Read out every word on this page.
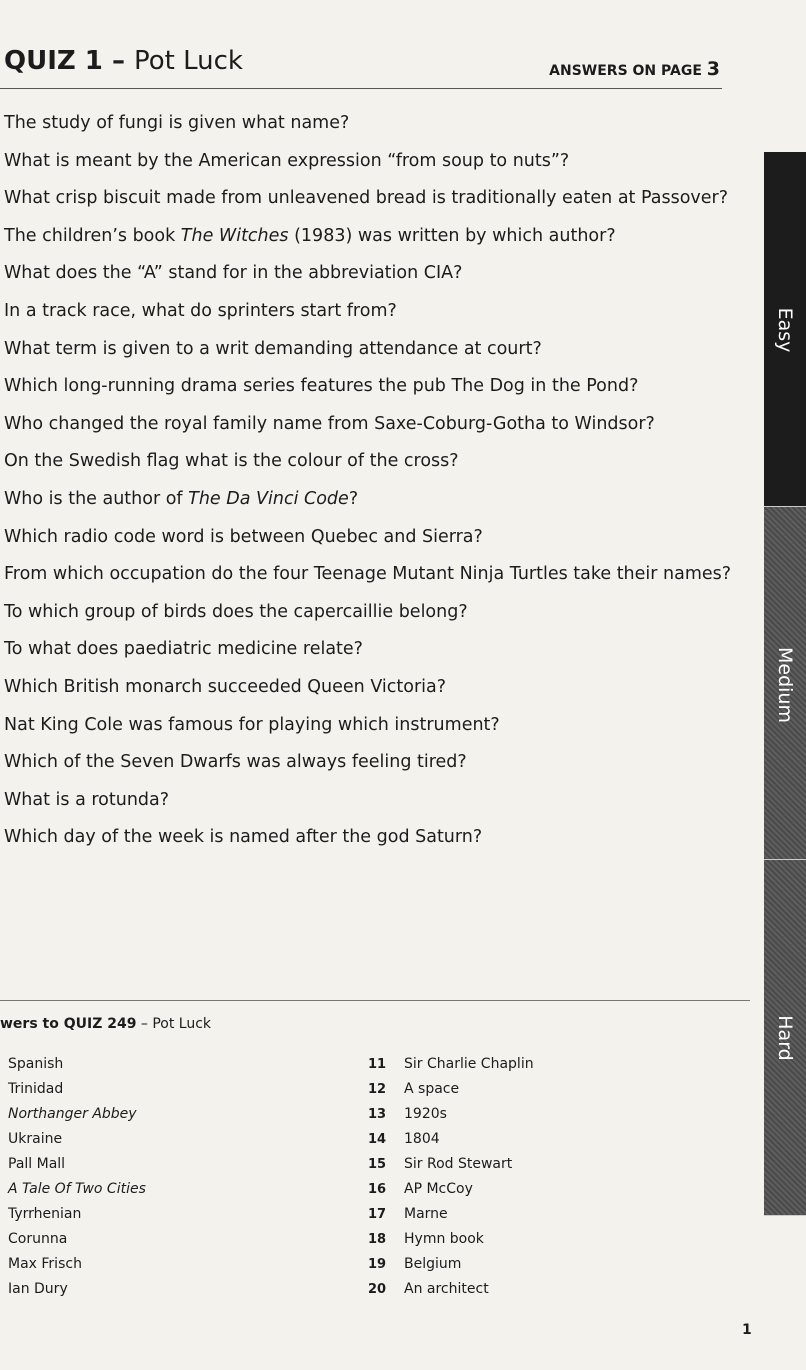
QUIZ 1 – Pot Luck	ANSWERS ON PAGE 3
The study of fungi is given what name?
What is meant by the American expression “from soup to nuts”?
What crisp biscuit made from unleavened bread is traditionally eaten at Passover?
The children’s book The Witches (1983) was written by which author?
What does the “A” stand for in the abbreviation CIA?
In a track race, what do sprinters start from?
What term is given to a writ demanding attendance at court?
Which long-running drama series features the pub The Dog in the Pond?
Who changed the royal family name from Saxe-Coburg-Gotha to Windsor?
On the Swedish flag what is the colour of the cross?
Who is the author of The Da Vinci Code?
Which radio code word is between Quebec and Sierra?
From which occupation do the four Teenage Mutant Ninja Turtles take their names?
To which group of birds does the capercaillie belong?
To what does paediatric medicine relate?
Which British monarch succeeded Queen Victoria?
Nat King Cole was famous for playing which instrument?
Which of the Seven Dwarfs was always feeling tired?
What is a rotunda?
Which day of the week is named after the god Saturn?
Easy
Medium
Hard
wers to QUIZ 249 – Pot Luck
Spanish
Trinidad
Northanger Abbey
Ukraine
Pall Mall
A Tale Of Two Cities
Tyrrhenian
Corunna
Max Frisch
Ian Dury
11 Sir Charlie Chaplin
12 A space
13 1920s
14 1804
15 Sir Rod Stewart
16 AP McCoy
17 Marne
18 Hymn book
19 Belgium
20 An architect
1
